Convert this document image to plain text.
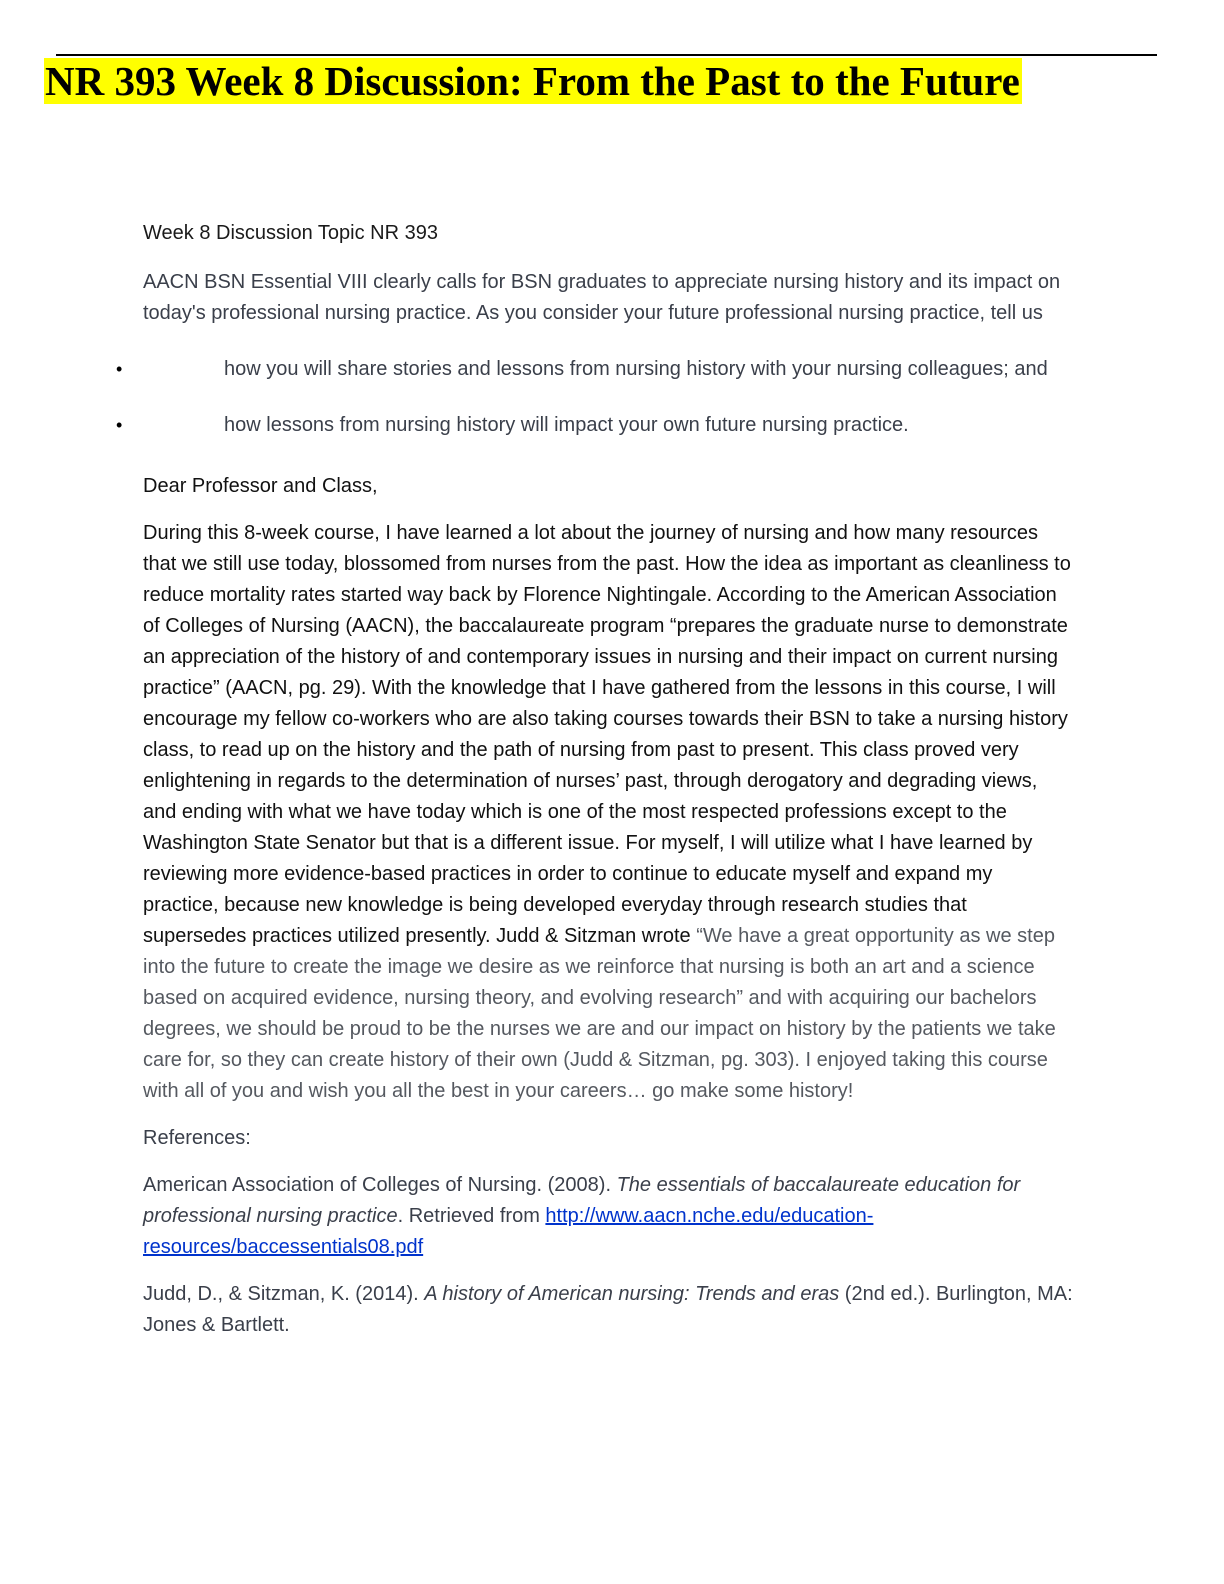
NR 393 Week 8 Discussion: From the Past to the Future

Week 8 Discussion Topic NR 393

AACN BSN Essential VIII clearly calls for BSN graduates to appreciate nursing history and its impact on today's professional nursing practice. As you consider your future professional nursing practice, tell us

•	how you will share stories and lessons from nursing history with your nursing colleagues; and
•	how lessons from nursing history will impact your own future nursing practice.

Dear Professor and Class,

During this 8-week course, I have learned a lot about the journey of nursing and how many resources that we still use today, blossomed from nurses from the past. How the idea as important as cleanliness to reduce mortality rates started way back by Florence Nightingale. According to the American Association of Colleges of Nursing (AACN), the baccalaureate program “prepares the graduate nurse to demonstrate an appreciation of the history of and contemporary issues in nursing and their impact on current nursing practice” (AACN, pg. 29). With the knowledge that I have gathered from the lessons in this course, I will encourage my fellow co-workers who are also taking courses towards their BSN to take a nursing history class, to read up on the history and the path of nursing from past to present. This class proved very enlightening in regards to the determination of nurses’ past, through derogatory and degrading views, and ending with what we have today which is one of the most respected professions except to the Washington State Senator but that is a different issue. For myself, I will utilize what I have learned by reviewing more evidence-based practices in order to continue to educate myself and expand my practice, because new knowledge is being developed everyday through research studies that supersedes practices utilized presently. Judd & Sitzman wrote “We have a great opportunity as we step into the future to create the image we desire as we reinforce that nursing is both an art and a science based on acquired evidence, nursing theory, and evolving research” and with acquiring our bachelors degrees, we should be proud to be the nurses we are and our impact on history by the patients we take care for, so they can create history of their own (Judd & Sitzman, pg. 303). I enjoyed taking this course with all of you and wish you all the best in your careers… go make some history!

References:

American Association of Colleges of Nursing. (2008). The essentials of baccalaureate education for professional nursing practice. Retrieved from http://www.aacn.nche.edu/education-resources/baccessentials08.pdf

Judd, D., & Sitzman, K. (2014). A history of American nursing: Trends and eras (2nd ed.). Burlington, MA: Jones & Bartlett.
